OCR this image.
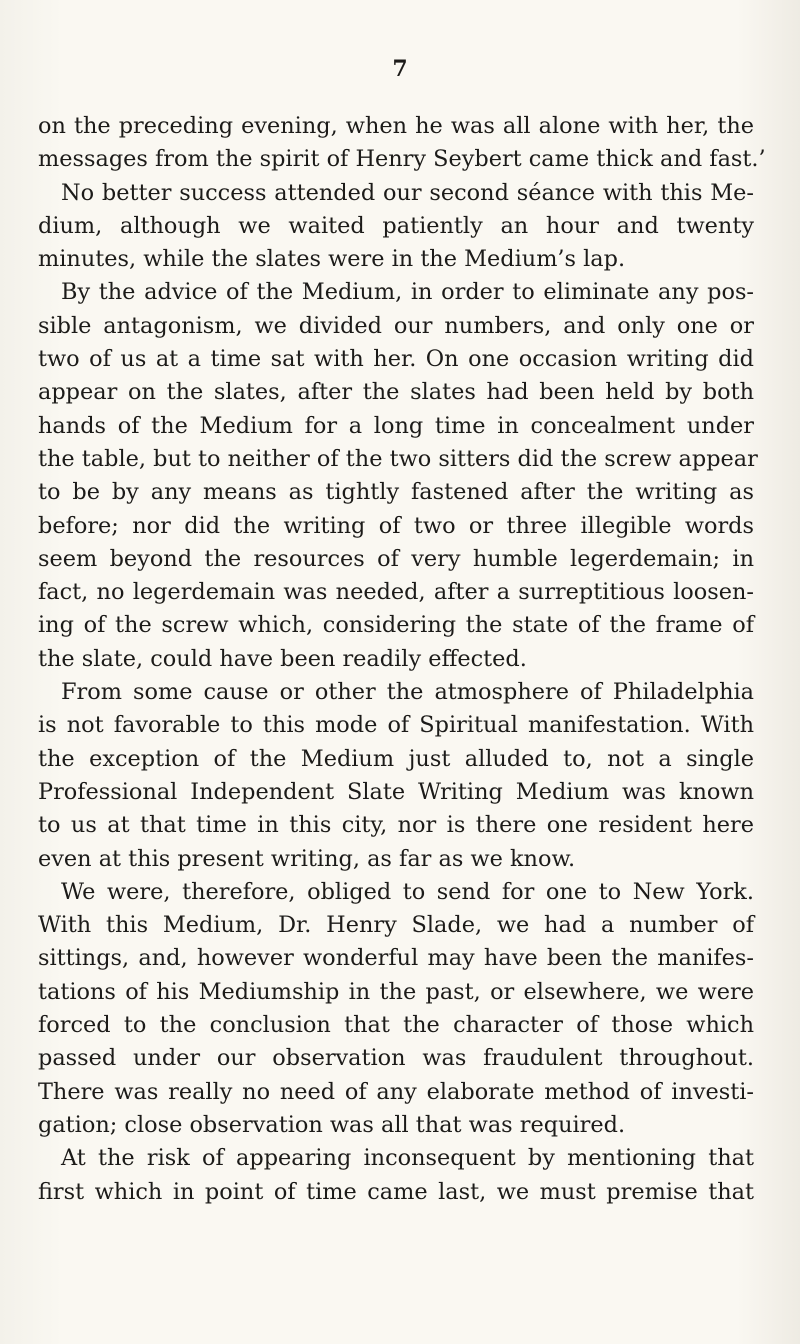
7
on the preceding evening, when he was all alone with her, the
messages from the spirit of Henry Seybert came thick and fast.’
No better success attended our second séance with this Me-
dium, although we waited patiently an hour and twenty
minutes, while the slates were in the Medium’s lap.
By the advice of the Medium, in order to eliminate any pos-
sible antagonism, we divided our numbers, and only one or
two of us at a time sat with her. On one occasion writing did
appear on the slates, after the slates had been held by both
hands of the Medium for a long time in concealment under
the table, but to neither of the two sitters did the screw appear
to be by any means as tightly fastened after the writing as
before; nor did the writing of two or three illegible words
seem beyond the resources of very humble legerdemain; in
fact, no legerdemain was needed, after a surreptitious loosen-
ing of the screw which, considering the state of the frame of
the slate, could have been readily effected.
From some cause or other the atmosphere of Philadelphia
is not favorable to this mode of Spiritual manifestation. With
the exception of the Medium just alluded to, not a single
Professional Independent Slate Writing Medium was known
to us at that time in this city, nor is there one resident here
even at this present writing, as far as we know.
We were, therefore, obliged to send for one to New York.
With this Medium, Dr. Henry Slade, we had a number of
sittings, and, however wonderful may have been the manifes-
tations of his Mediumship in the past, or elsewhere, we were
forced to the conclusion that the character of those which
passed under our observation was fraudulent throughout.
There was really no need of any elaborate method of investi-
gation; close observation was all that was required.
At the risk of appearing inconsequent by mentioning that
first which in point of time came last, we must premise that
